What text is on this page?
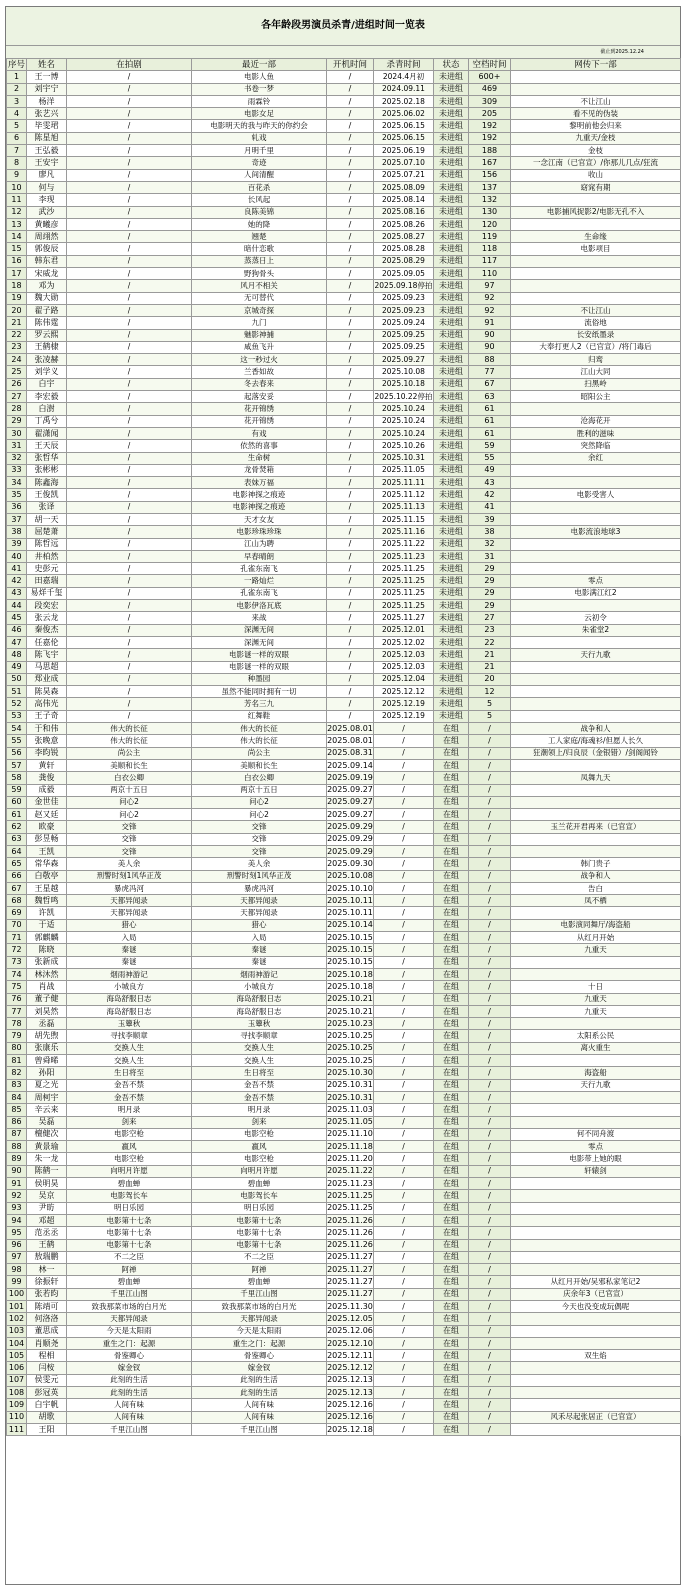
各年龄段男演员杀青/进组时间一览表
截止到2025.12.24
序号	姓名	在拍剧	最近一部	开机时间	杀青时间	状态	空档时间	网传下一部
1	王一博	/	电影人鱼	/	2024.4月初	未进组	600+	
2	刘宇宁	/	书卷一梦	/	2024.09.11	未进组	469	
3	杨洋	/	雨霖铃	/	2025.02.18	未进组	309	不让江山
4	张艺兴	/	电影女足	/	2025.06.02	未进组	205	看不见的伪装
5	毕雯珺	/	电影明天的我与昨天的你约会	/	2025.06.15	未进组	192	黎明前他会归来
6	陈星旭	/	轧戏	/	2025.06.15	未进组	192	九重天/金枝
7	王弘毅	/	月明千里	/	2025.06.19	未进组	188	金枝
8	王安宇	/	奇迹	/	2025.07.10	未进组	167	一念江南（已官宣）/你那儿几点/狂流
9	廖凡	/	人间清醒	/	2025.07.21	未进组	156	收山
10	何与	/	百花杀	/	2025.08.09	未进组	137	窈窕有期
11	李现	/	长风起	/	2025.08.14	未进组	132	
12	武沙	/	良陈美锦	/	2025.08.16	未进组	130	电影捕风捉影2/电影无孔不入
13	黄曦彦	/	她的降	/	2025.08.26	未进组	120	
14	周翊然	/	翘楚	/	2025.08.27	未进组	119	生命缘
15	郭俊辰	/	暗什恋歌	/	2025.08.28	未进组	118	电影项目
16	韩东君	/	蒸蒸日上	/	2025.08.29	未进组	117	
17	宋威龙	/	野狗骨头	/	2025.09.05	未进组	110	
18	邓为	/	风月不相关	/	2025.09.18停拍	未进组	97	
19	魏大勋	/	无可替代	/	2025.09.23	未进组	92	
20	翟子路	/	京城奇探	/	2025.09.23	未进组	92	不让江山
21	陈伟霆	/	九门	/	2025.09.24	未进组	91	流俗地
22	罗云熙	/	魅影神捕	/	2025.09.25	未进组	90	长安纸墨录
23	王鹤棣	/	咸鱼飞升	/	2025.09.25	未进组	90	大奉打更人2（已官宣）/将门毒后
24	张凌赫	/	这一秒过火	/	2025.09.27	未进组	88	归鸾
25	刘学义	/	兰香如故	/	2025.10.08	未进组	77	江山大同
26	白宇	/	冬去春来	/	2025.10.18	未进组	67	扫黑岭
27	李宏毅	/	起落安妥	/	2025.10.22停拍	未进组	63	昭阳公主
28	白澍	/	花开锦绣	/	2025.10.24	未进组	61	
29	丁禹兮	/	花开锦绣	/	2025.10.24	未进组	61	沧海花开
30	翟潇闻	/	有戏	/	2025.10.24	未进组	61	胜利的滋味
31	王天辰	/	依然的喜事	/	2025.10.26	未进组	59	突然降临
32	张哲华	/	生命树	/	2025.10.31	未进组	55	余红
33	张彬彬	/	龙骨焚箱	/	2025.11.05	未进组	49	
34	陈鑫海	/	表妹万福	/	2025.11.11	未进组	43	
35	王俊凯	/	电影神探之痕迹	/	2025.11.12	未进组	42	电影受害人
36	张译	/	电影神探之痕迹	/	2025.11.13	未进组	41	
37	胡一天	/	天才女友	/	2025.11.15	未进组	39	
38	屈楚萧	/	电影珍珠珍珠	/	2025.11.16	未进组	38	电影流浪地球3
39	陈哲远	/	江山为聘	/	2025.11.22	未进组	32	
40	井柏然	/	早春晴朗	/	2025.11.23	未进组	31	
41	史彭元	/	孔雀东南飞	/	2025.11.25	未进组	29	
42	田嘉瑞	/	一路灿烂	/	2025.11.25	未进组	29	零点
43	易烊千玺	/	孔雀东南飞	/	2025.11.25	未进组	29	电影满江红2
44	段奕宏	/	电影伊洛瓦底	/	2025.11.25	未进组	29	
45	张云龙	/	来战	/	2025.11.27	未进组	27	云初令
46	秦俊杰	/	深渊无间	/	2025.12.01	未进组	23	朱雀堂2
47	任嘉伦	/	深渊无间	/	2025.12.02	未进组	22	
48	陈飞宇	/	电影谜一样的双眼	/	2025.12.03	未进组	21	天行九歌
49	马思超	/	电影谜一样的双眼	/	2025.12.03	未进组	21	
50	郑业成	/	种墨园	/	2025.12.04	未进组	20	
51	陈昊森	/	虽然不能同时拥有一切	/	2025.12.12	未进组	12	
52	高伟光	/	芳名三九	/	2025.12.19	未进组	5	
53	王子奇	/	红舞鞋	/	2025.12.19	未进组	5	
54	于和伟	伟大的长征	伟大的长征	2025.08.01	/	在组	/	战争和人
55	张晚意	伟大的长征	伟大的长征	2025.08.01	/	在组	/	工人家庭/海魂衫/但愿人长久
56	李昀锐	尚公主	尚公主	2025.08.31	/	在组	/	狂潮领上/归良辰（金银错）/剑阁闻铃
57	黄轩	美顺和长生	美顺和长生	2025.09.14	/	在组	/	
58	龚俊	白衣公卿	白衣公卿	2025.09.19	/	在组	/	凤舞九天
59	成毅	两京十五日	两京十五日	2025.09.27	/	在组	/	
60	金世佳	问心2	问心2	2025.09.27	/	在组	/	
61	赵又廷	问心2	问心2	2025.09.27	/	在组	/	
62	欧豪	交锋	交锋	2025.09.29	/	在组	/	玉兰花开君再来（已官宣）
63	彭昱畅	交锋	交锋	2025.09.29	/	在组	/	
64	王凯	交锋	交锋	2025.09.29	/	在组	/	
65	常华森	美人余	美人余	2025.09.30	/	在组	/	韩门贵子
66	白敬亭	刑警时刻1风华正茂	刑警时刻1风华正茂	2025.10.08	/	在组	/	战争和人
67	王星越	暴虎冯河	暴虎冯河	2025.10.10	/	在组	/	告白
68	魏哲鸣	天都异闻录	天都异闻录	2025.10.11	/	在组	/	凤不栖
69	许凯	天都异闻录	天都异闻录	2025.10.11	/	在组	/	
70	于适	猎心	猎心	2025.10.14	/	在组	/	电影演同舞厅/海盗船
71	郭麒麟	入局	入局	2025.10.15	/	在组	/	从红月开始
72	陈晓	秦谜	秦谜	2025.10.15	/	在组	/	九重天
73	张新成	秦谜	秦谜	2025.10.15	/	在组	/	
74	林沐然	烟雨神游记	烟雨神游记	2025.10.18	/	在组	/	
75	肖战	小城良方	小城良方	2025.10.18	/	在组	/	十日
76	董子健	海岛舒服日志	海岛舒服日志	2025.10.21	/	在组	/	九重天
77	刘昊然	海岛舒服日志	海岛舒服日志	2025.10.21	/	在组	/	九重天
78	丞磊	玉簟秋	玉簟秋	2025.10.23	/	在组	/	
79	胡先煦	寻找李顺章	寻找李顺章	2025.10.25	/	在组	/	太阳系公民
80	张康乐	交换人生	交换人生	2025.10.25	/	在组	/	离火重生
81	曾舜晞	交换人生	交换人生	2025.10.25	/	在组	/	
82	孙阳	生日将至	生日将至	2025.10.30	/	在组	/	海盗船
83	夏之光	金吾不禁	金吾不禁	2025.10.31	/	在组	/	天行九歌
84	周柯宇	金吾不禁	金吾不禁	2025.10.31	/	在组	/	
85	辛云来	明月录	明月录	2025.11.03	/	在组	/	
86	吴磊	剑来	剑来	2025.11.05	/	在组	/	
87	檀健次	电影空枪	电影空枪	2025.11.10	/	在组	/	何不同舟渡
88	黄景瑜	嬴风	嬴风	2025.11.18	/	在组	/	零点
89	朱一龙	电影空枪	电影空枪	2025.11.20	/	在组	/	电影带上她的眼
90	陈鹤一	向明月许愿	向明月许愿	2025.11.22	/	在组	/	轩辕剑
91	侯明昊	碧血蝉	碧血蝉	2025.11.23	/	在组	/	
92	吴京	电影驾长车	电影驾长车	2025.11.25	/	在组	/	
93	尹昉	明日乐园	明日乐园	2025.11.25	/	在组	/	
94	邓超	电影第十七条	电影第十七条	2025.11.26	/	在组	/	
95	范丞丞	电影第十七条	电影第十七条	2025.11.26	/	在组	/	
96	王鹤	电影第十七条	电影第十七条	2025.11.26	/	在组	/	
97	敖瑞鹏	不二之臣	不二之臣	2025.11.27	/	在组	/	
98	林一	阿禅	阿禅	2025.11.27	/	在组	/	
99	徐振轩	碧血蝉	碧血蝉	2025.11.27	/	在组	/	从红月开始/吴邪私家笔记2
100	张若昀	千里江山图	千里江山图	2025.11.27	/	在组	/	庆余年3（已官宣）
101	陈靖可	致我那菜市场的白月光	致我那菜市场的白月光	2025.11.30	/	在组	/	今天也没变成玩偶呢
102	何洛洛	天都异闻录	天都异闻录	2025.12.05	/	在组	/	
103	董思成	今天是太阳雨	今天是太阳雨	2025.12.06	/	在组	/	
104	肖顺尧	重生之门：起源	重生之门：起源	2025.12.10	/	在组	/	
105	程相	骨鉴卿心	骨鉴卿心	2025.12.11	/	在组	/	双生焰
106	闫桉	嫁金钗	嫁金钗	2025.12.12	/	在组	/	
107	侯雯元	此刻的生活	此刻的生活	2025.12.13	/	在组	/	
108	彭冠英	此刻的生活	此刻的生活	2025.12.13	/	在组	/	
109	白宇帆	人间有味	人间有味	2025.12.16	/	在组	/	
110	胡歌	人间有味	人间有味	2025.12.16	/	在组	/	风禾尽起张居正（已官宣）
111	王阳	千里江山图	千里江山图	2025.12.18	/	在组	/	
